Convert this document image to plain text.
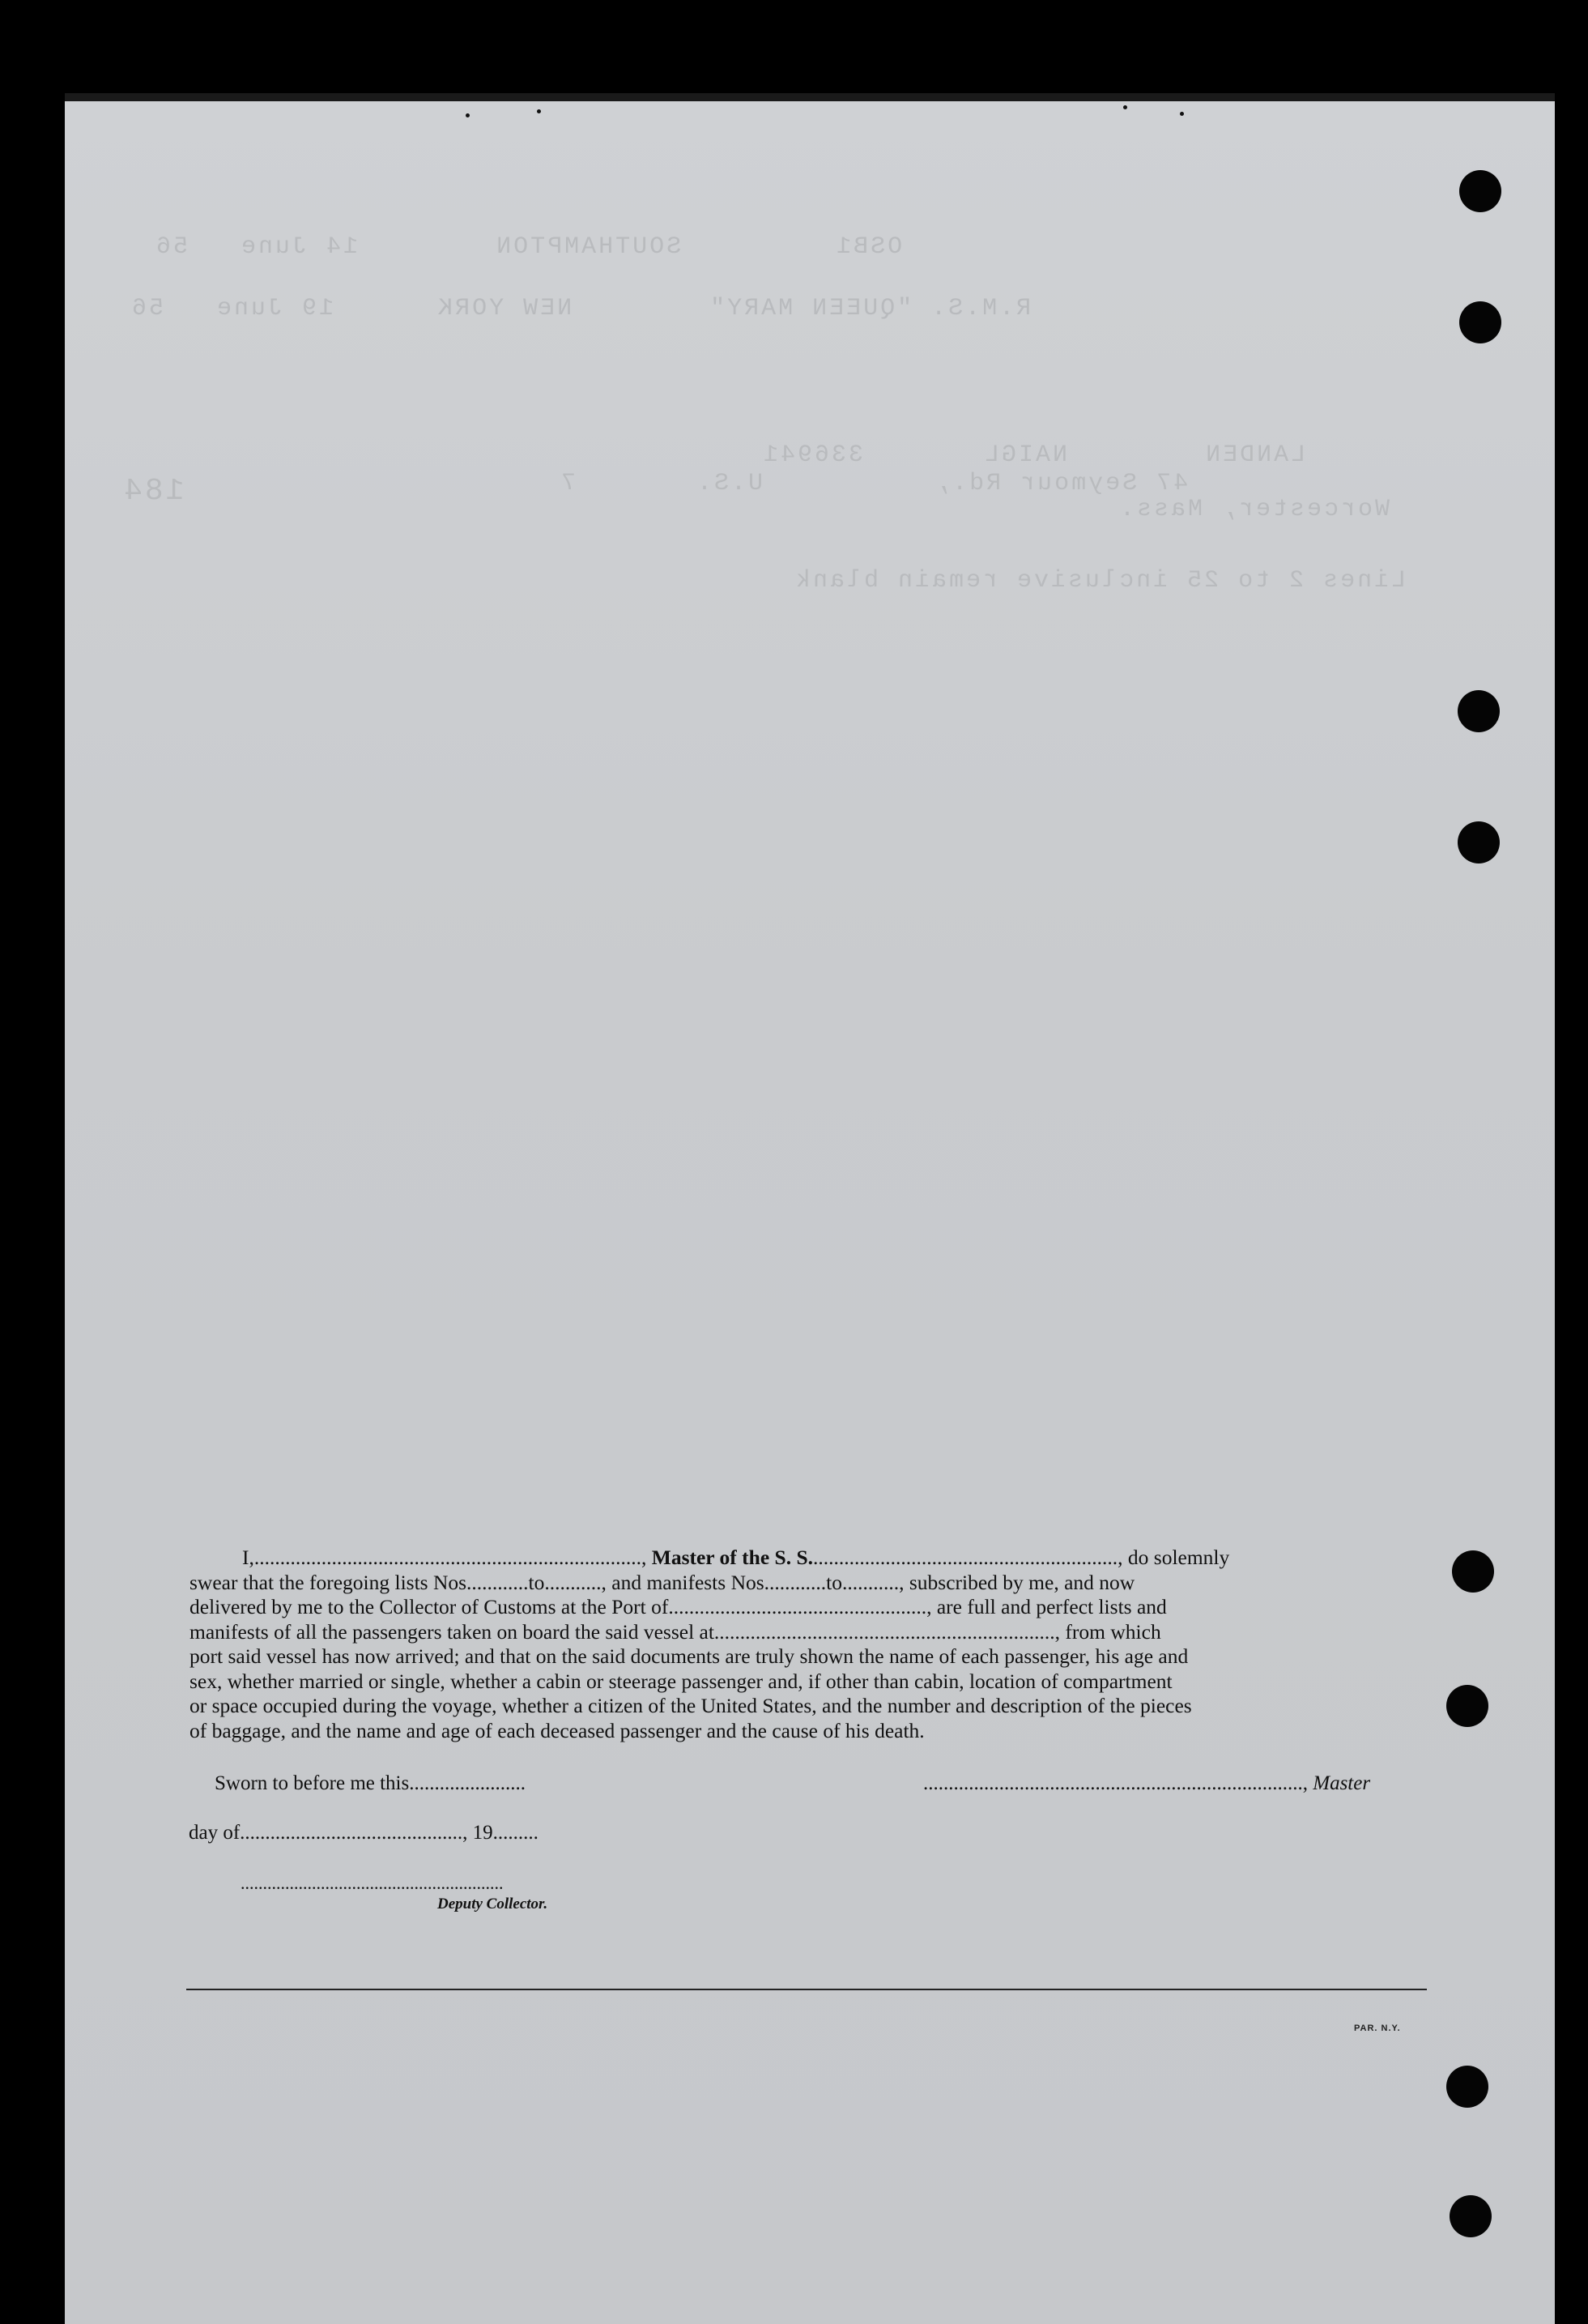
OSB1         SOUTHAMPTON        14 June   56
R.M.S. "QUEEN MARY"        NEW YORK      19 June   56
LANDEN        NAIGL       336941
47 Seymour Rd.,          U.S.       7
Worcester, Mass.
Lines 2 to 25 inclusive remain blank
184
I,..........................................................................., Master of the S. S............................................................, do solemnly
swear that the foregoing lists Nos............to..........., and manifests Nos............to..........., subscribed by me, and now
delivered by me to the Collector of Customs at the Port of.................................................., are full and perfect lists and
manifests of all the passengers taken on board the said vessel at.................................................................., from which
port said vessel has now arrived; and that on the said documents are truly shown the name of each passenger, his age and
sex, whether married or single, whether a cabin or steerage passenger and, if other than cabin, location of compartment
or space occupied during the voyage, whether a citizen of the United States, and the number and description of the pieces
of baggage, and the name and age of each deceased passenger and the cause of his death.
Sworn to before me this.......................	..........................................................................., Master
day of............................................, 19.........
...........................................................
Deputy Collector.
PAR. N.Y.
